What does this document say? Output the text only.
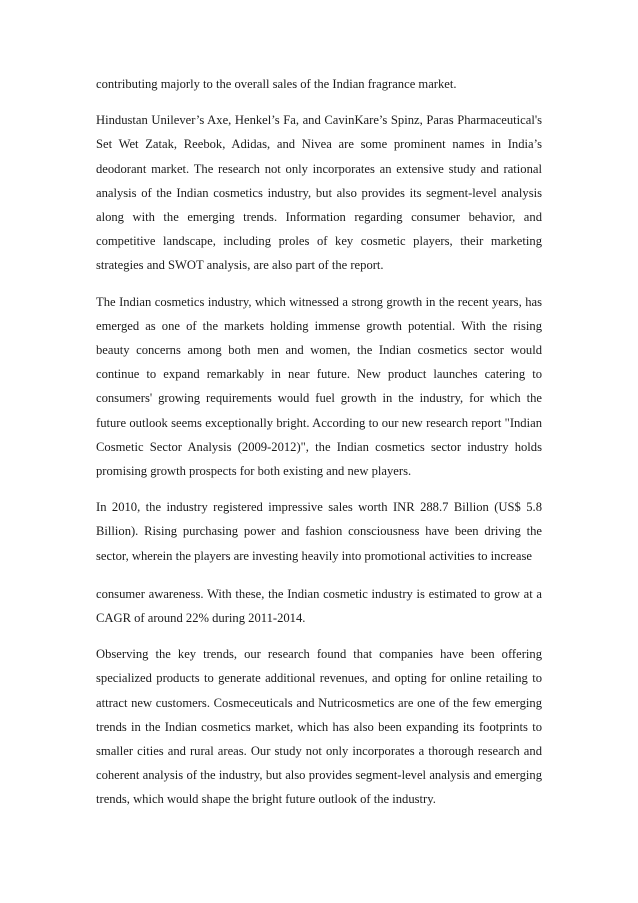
contributing majorly to the overall sales of the Indian fragrance market.

Hindustan Unilever’s Axe, Henkel’s Fa, and CavinKare’s Spinz, Paras Pharmaceutical's Set Wet Zatak, Reebok, Adidas, and Nivea are some prominent names in India’s deodorant market. The research not only incorporates an extensive study and rational analysis of the Indian cosmetics industry, but also provides its segment-level analysis along with the emerging trends. Information regarding consumer behavior, and competitive landscape, including proles of key cosmetic players, their marketing strategies and SWOT analysis, are also part of the report.

The Indian cosmetics industry, which witnessed a strong growth in the recent years, has emerged as one of the markets holding immense growth potential. With the rising beauty concerns among both men and women, the Indian cosmetics sector would continue to expand remarkably in near future. New product launches catering to consumers' growing requirements would fuel growth in the industry, for which the future outlook seems exceptionally bright. According to our new research report "Indian Cosmetic Sector Analysis (2009-2012)", the Indian cosmetics sector industry holds promising growth prospects for both existing and new players.

In 2010, the industry registered impressive sales worth INR 288.7 Billion (US$ 5.8 Billion). Rising purchasing power and fashion consciousness have been driving the sector, wherein the players are investing heavily into promotional activities to increase

consumer awareness. With these, the Indian cosmetic industry is estimated to grow at a CAGR of around 22% during 2011-2014.

Observing the key trends, our research found that companies have been offering specialized products to generate additional revenues, and opting for online retailing to attract new customers. Cosmeceuticals and Nutricosmetics are one of the few emerging trends in the Indian cosmetics market, which has also been expanding its footprints to smaller cities and rural areas. Our study not only incorporates a thorough research and coherent analysis of the industry, but also provides segment-level analysis and emerging trends, which would shape the bright future outlook of the industry.
